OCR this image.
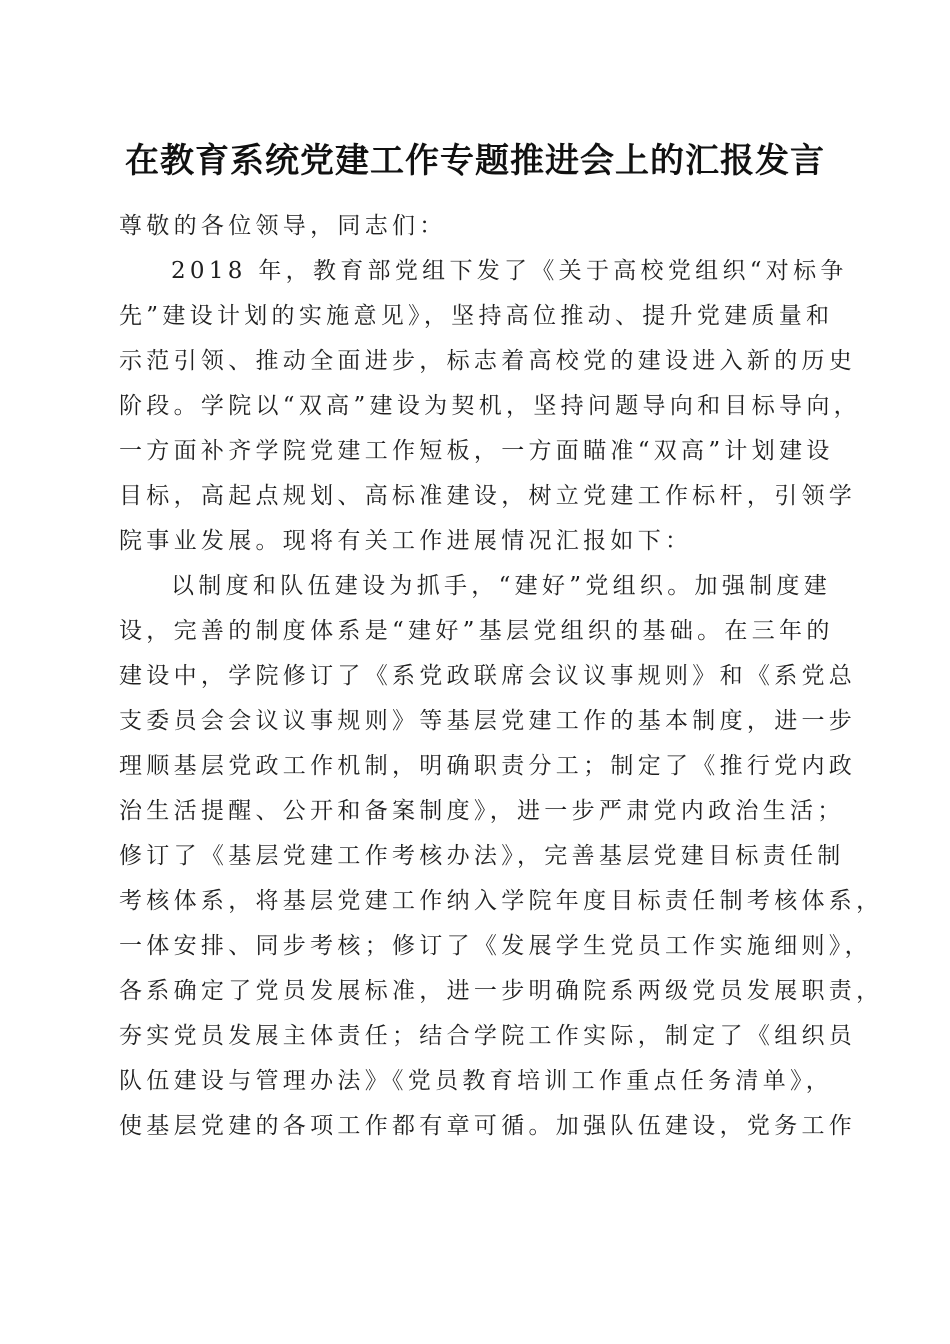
在教育系统党建工作专题推进会上的汇报发言
尊敬的各位领导，同志们：
2018 年，教育部党组下发了《关于高校党组织“对标争
先”建设计划的实施意见》，坚持高位推动、提升党建质量和
示范引领、推动全面进步，标志着高校党的建设进入新的历史
阶段。学院以“双高”建设为契机，坚持问题导向和目标导向，
一方面补齐学院党建工作短板，一方面瞄准“双高”计划建设
目标，高起点规划、高标准建设，树立党建工作标杆，引领学
院事业发展。现将有关工作进展情况汇报如下：
以制度和队伍建设为抓手，“建好”党组织。加强制度建
设，完善的制度体系是“建好”基层党组织的基础。在三年的
建设中，学院修订了《系党政联席会议议事规则》和《系党总
支委员会会议议事规则》等基层党建工作的基本制度，进一步
理顺基层党政工作机制，明确职责分工；制定了《推行党内政
治生活提醒、公开和备案制度》，进一步严肃党内政治生活；
修订了《基层党建工作考核办法》，完善基层党建目标责任制
考核体系，将基层党建工作纳入学院年度目标责任制考核体系，
一体安排、同步考核；修订了《发展学生党员工作实施细则》，
各系确定了党员发展标准，进一步明确院系两级党员发展职责，
夯实党员发展主体责任；结合学院工作实际，制定了《组织员
队伍建设与管理办法》《党员教育培训工作重点任务清单》，
使基层党建的各项工作都有章可循。加强队伍建设，党务工作
